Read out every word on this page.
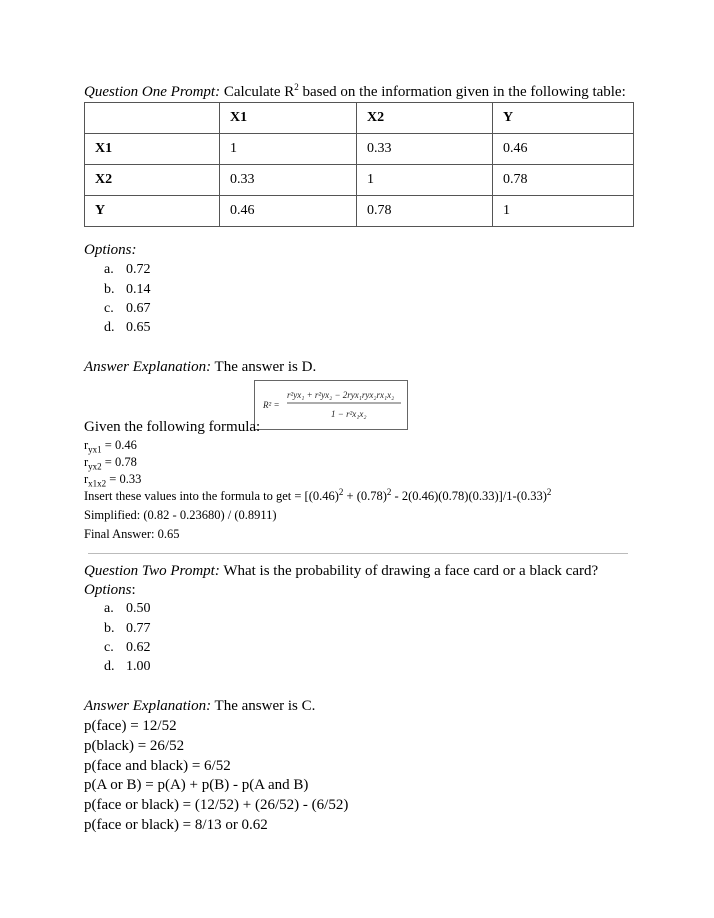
Question One Prompt: Calculate $R^2$ based on the information given in the following table:
	X1	X2	Y
X1	1	0.33	0.46
X2	0.33	1	0.78
Y	0.46	0.78	1
Options:
a. 0.72
b. 0.14
c. 0.67
d. 0.65
Answer Explanation: The answer is D.
R² =
r²yx₁ + r²yx₂ − 2ryx₁ryx₂rx₁x₂
1 − r²x₁x₂
Given the following formula:
$r_{yx1} = 0.46$
$r_{yx2} = 0.78$
$r_{x1x2} = 0.33$
Insert these values into the formula to get = $[(0.46)^2 + (0.78)^2 - 2(0.46)(0.78)(0.33)]/1-(0.33)^2$
Simplified: (0.82 - 0.23680) / (0.8911)
Final Answer: 0.65
Question Two Prompt: What is the probability of drawing a face card or a black card?
Options:
a. 0.50
b. 0.77
c. 0.62
d. 1.00
Answer Explanation: The answer is C.
p(face) = 12/52
p(black) = 26/52
p(face and black) = 6/52
p(A or B) = p(A) + p(B) - p(A and B)
p(face or black) = (12/52) + (26/52) - (6/52)
p(face or black) = 8/13 or 0.62
